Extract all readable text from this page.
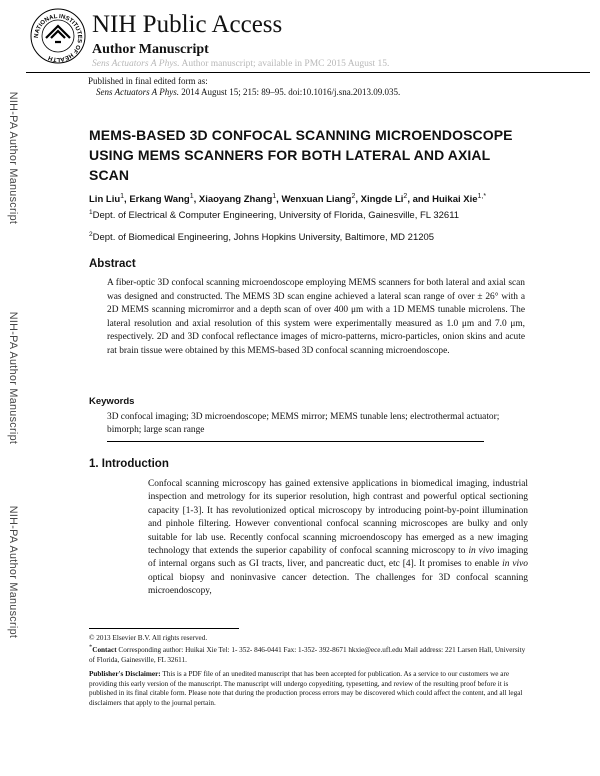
NATIONAL INSTITUTES OF HEALTH
NIH Public Access
Author Manuscript
Sens Actuators A Phys. Author manuscript; available in PMC 2015 August 15.
Published in final edited form as:
Sens Actuators A Phys. 2014 August 15; 215: 89–95. doi:10.1016/j.sna.2013.09.035.
NIH-PA Author Manuscript
NIH-PA Author Manuscript
NIH-PA Author Manuscript
MEMS-BASED 3D CONFOCAL SCANNING MICROENDOSCOPE USING MEMS SCANNERS FOR BOTH LATERAL AND AXIAL SCAN
Lin Liu$^1$, Erkang Wang$^1$, Xiaoyang Zhang$^1$, Wenxuan Liang$^2$, Xingde Li$^2$, and Huikai Xie$^{1,*}$
$^1$Dept. of Electrical & Computer Engineering, University of Florida, Gainesville, FL 32611
$^2$Dept. of Biomedical Engineering, Johns Hopkins University, Baltimore, MD 21205
Abstract
A fiber-optic 3D confocal scanning microendoscope employing MEMS scanners for both lateral and axial scan was designed and constructed. The MEMS 3D scan engine achieved a lateral scan range of over ± 26° with a 2D MEMS scanning micromirror and a depth scan of over 400 μm with a 1D MEMS tunable microlens. The lateral resolution and axial resolution of this system were experimentally measured as 1.0 μm and 7.0 μm, respectively. 2D and 3D confocal reflectance images of micro-patterns, micro-particles, onion skins and acute rat brain tissue were obtained by this MEMS-based 3D confocal scanning microendoscope.
Keywords
3D confocal imaging; 3D microendoscope; MEMS mirror; MEMS tunable lens; electrothermal actuator; bimorph; large scan range
1. Introduction
Confocal scanning microscopy has gained extensive applications in biomedical imaging, industrial inspection and metrology for its superior resolution, high contrast and powerful optical sectioning capacity [1-3]. It has revolutionized optical microscopy by introducing point-by-point illumination and pinhole filtering. However conventional confocal scanning microscopes are bulky and only suitable for lab use. Recently confocal scanning microendoscopy has emerged as a new imaging technology that extends the superior capability of confocal scanning microscopy to in vivo imaging of internal organs such as GI tracts, liver, and pancreatic duct, etc [4]. It promises to enable in vivo optical biopsy and noninvasive cancer detection. The challenges for 3D confocal scanning microendoscopy,
© 2013 Elsevier B.V. All rights reserved.
*Contact Corresponding author: Huikai Xie Tel: 1- 352- 846-0441 Fax: 1-352- 392-8671 hkxie@ece.ufl.edu Mail address: 221 Larsen Hall, University of Florida, Gainesville, FL 32611.
Publisher's Disclaimer: This is a PDF file of an unedited manuscript that has been accepted for publication. As a service to our customers we are providing this early version of the manuscript. The manuscript will undergo copyediting, typesetting, and review of the resulting proof before it is published in its final citable form. Please note that during the production process errors may be discovered which could affect the content, and all legal disclaimers that apply to the journal pertain.
